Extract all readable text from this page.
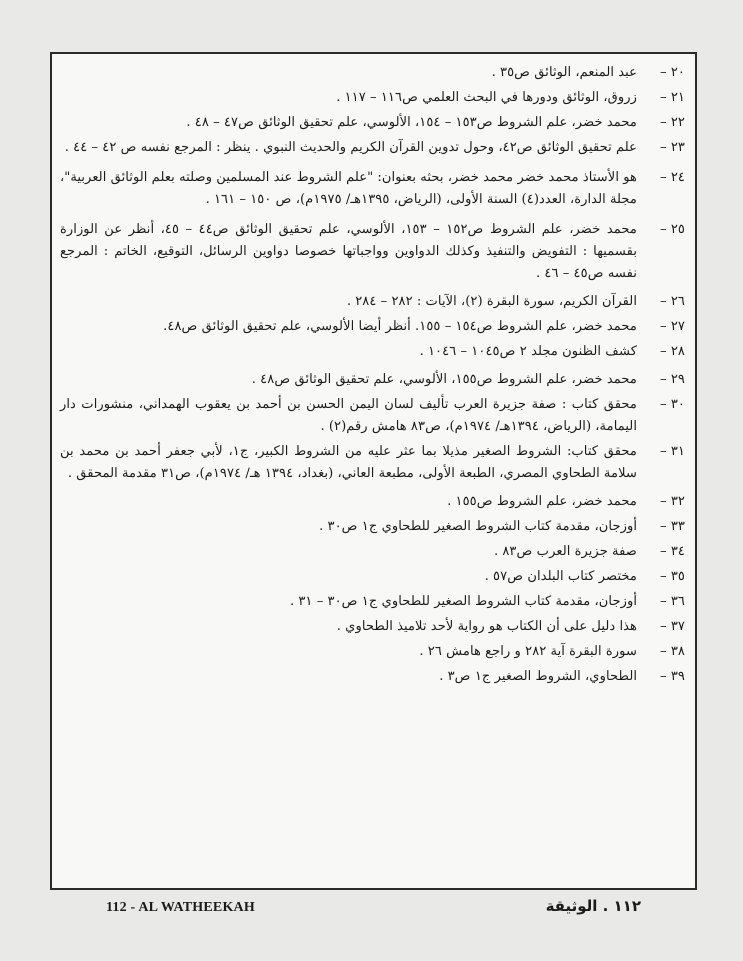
٢٠ –
عبد المنعم، الوثائق ص٣٥ .
٢١ –
زروق، الوثائق ودورها في البحث العلمي ص١١٦ – ١١٧ .
٢٢ –
محمد خضر، علم الشروط ص١٥٣ – ١٥٤، الألوسي، علم تحقيق الوثائق ص٤٧ – ٤٨ .
٢٣ –
علم تحقيق الوثائق ص٤٢، وحول تدوين القرآن الكريم والحديث النبوي . ينظر : المرجع نفسه ص ٤٢ – ٤٤ .
٢٤ –
هو الأستاذ محمد خضر محمد خضر، بحثه بعنوان: "علم الشروط عند المسلمين وصلته بعلم الوثائق العربية"، مجلة الدارة، العدد(٤) السنة الأولى، (الرياض، ١٣٩٥هـ/ ١٩٧٥م)، ص ١٥٠ – ١٦١ .
٢٥ –
محمد خضر، علم الشروط ص١٥٢ – ١٥٣، الألوسي، علم تحقيق الوثائق ص٤٤ – ٤٥، أنظر عن الوزارة بقسميها : التفويض والتنفيذ وكذلك الدواوين وواجباتها خصوصا دواوين الرسائل، التوقيع، الخاتم : المرجع نفسه ص٤٥ – ٤٦ .
٢٦ –
القرآن الكريم، سورة البقرة (٢)، الآيات : ٢٨٢ – ٢٨٤ .
٢٧ –
محمد خضر، علم الشروط ص١٥٤ – ١٥٥. أنظر أيضا الألوسي، علم تحقيق الوثائق ص٤٨.
٢٨ –
كشف الظنون مجلد ٢ ص١٠٤٥ – ١٠٤٦ .
٢٩ –
محمد خضر، علم الشروط ص١٥٥، الألوسي، علم تحقيق الوثائق ص٤٨ .
٣٠ –
محقق كتاب : صفة جزيرة العرب تأليف لسان اليمن الحسن بن أحمد بن يعقوب الهمداني، منشورات دار اليمامة، (الرياض، ١٣٩٤هـ/ ١٩٧٤م)، ص٨٣ هامش رقم(٢) .
٣١ –
محقق كتاب: الشروط الصغير مذيلا بما عثر عليه من الشروط الكبير، ج١، لأبي جعفر أحمد بن محمد بن سلامة الطحاوي المصري، الطبعة الأولى، مطبعة العاني، (بغداد، ١٣٩٤ هـ/ ١٩٧٤م)، ص٣١ مقدمة المحقق .
٣٢ –
محمد خضر، علم الشروط ص١٥٥ .
٣٣ –
أوزجان، مقدمة كتاب الشروط الصغير للطحاوي ج١ ص٣٠ .
٣٤ –
صفة جزيرة العرب ص٨٣ .
٣٥ –
مختصر كتاب البلدان ص٥٧ .
٣٦ –
أوزجان، مقدمة كتاب الشروط الصغير للطحاوي ج١ ص٣٠ – ٣١ .
٣٧ –
هذا دليل على أن الكتاب هو رواية لأحد تلاميذ الطحاوي .
٣٨ –
سورة البقرة آية ٢٨٢ و راجع هامش ٢٦ .
٣٩ –
الطحاوي، الشروط الصغير ج١ ص٣ .
112 - AL WATHEEKAH	١١٢ . الوثيقة
